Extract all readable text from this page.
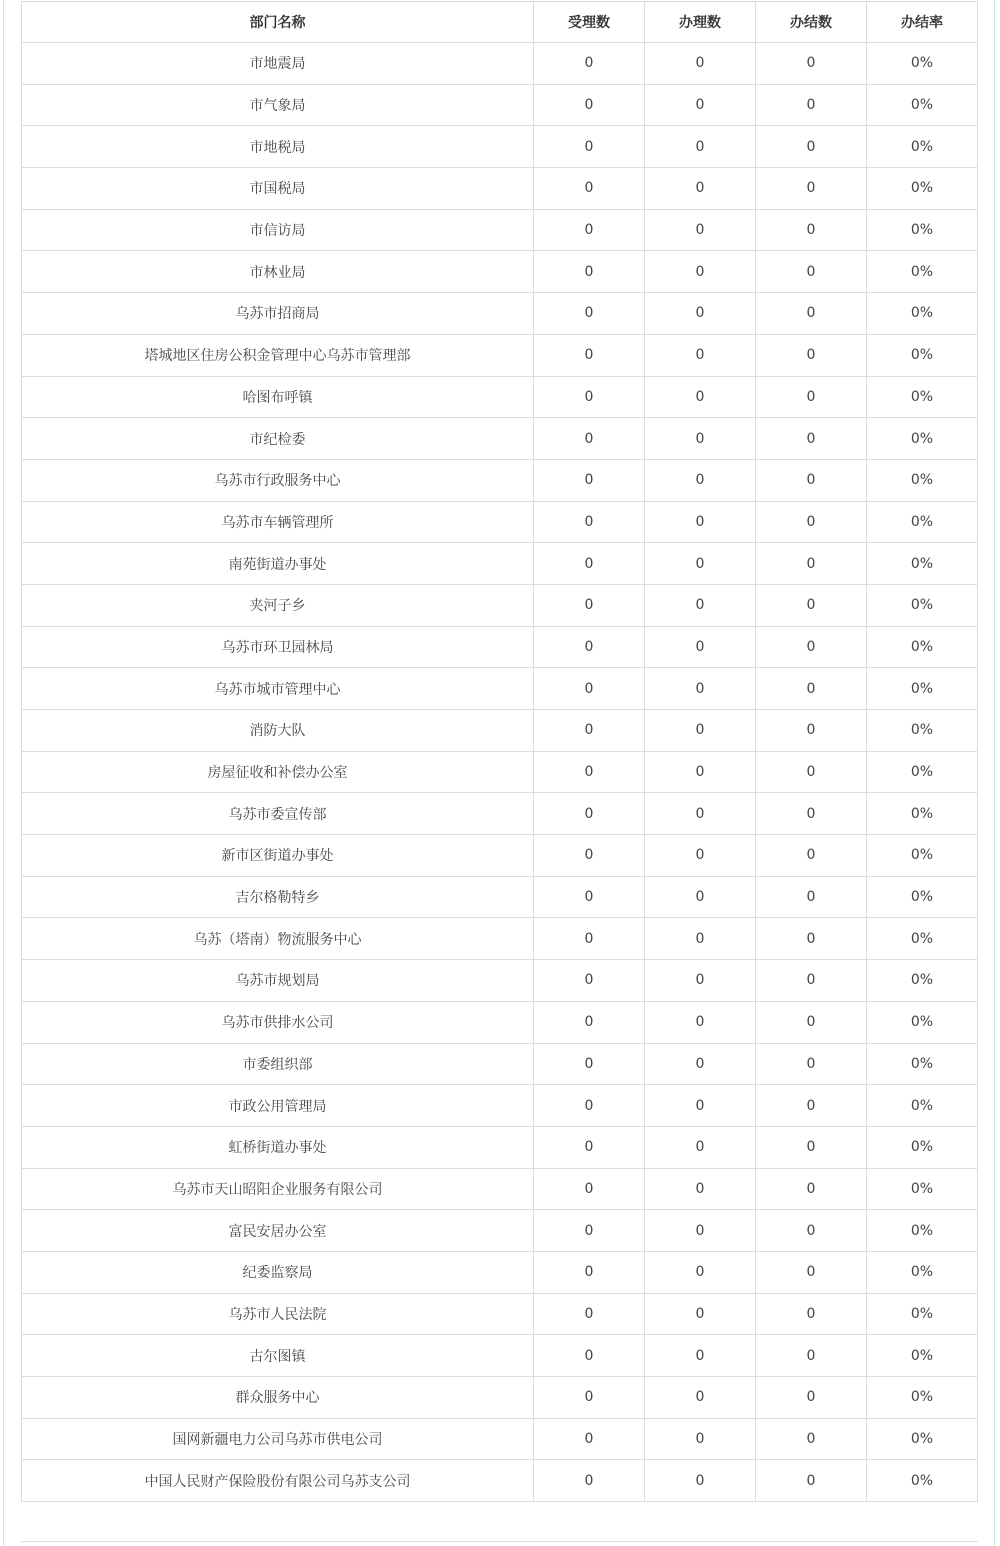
部门名称	受理数	办理数	办结数	办结率
市地震局	0	0	0	0%
市气象局	0	0	0	0%
市地税局	0	0	0	0%
市国税局	0	0	0	0%
市信访局	0	0	0	0%
市林业局	0	0	0	0%
乌苏市招商局	0	0	0	0%
塔城地区住房公积金管理中心乌苏市管理部	0	0	0	0%
哈图布呼镇	0	0	0	0%
市纪检委	0	0	0	0%
乌苏市行政服务中心	0	0	0	0%
乌苏市车辆管理所	0	0	0	0%
南苑街道办事处	0	0	0	0%
夹河子乡	0	0	0	0%
乌苏市环卫园林局	0	0	0	0%
乌苏市城市管理中心	0	0	0	0%
消防大队	0	0	0	0%
房屋征收和补偿办公室	0	0	0	0%
乌苏市委宣传部	0	0	0	0%
新市区街道办事处	0	0	0	0%
吉尔格勒特乡	0	0	0	0%
乌苏（塔南）物流服务中心	0	0	0	0%
乌苏市规划局	0	0	0	0%
乌苏市供排水公司	0	0	0	0%
市委组织部	0	0	0	0%
市政公用管理局	0	0	0	0%
虹桥街道办事处	0	0	0	0%
乌苏市天山昭阳企业服务有限公司	0	0	0	0%
富民安居办公室	0	0	0	0%
纪委监察局	0	0	0	0%
乌苏市人民法院	0	0	0	0%
古尔图镇	0	0	0	0%
群众服务中心	0	0	0	0%
国网新疆电力公司乌苏市供电公司	0	0	0	0%
中国人民财产保险股份有限公司乌苏支公司	0	0	0	0%
